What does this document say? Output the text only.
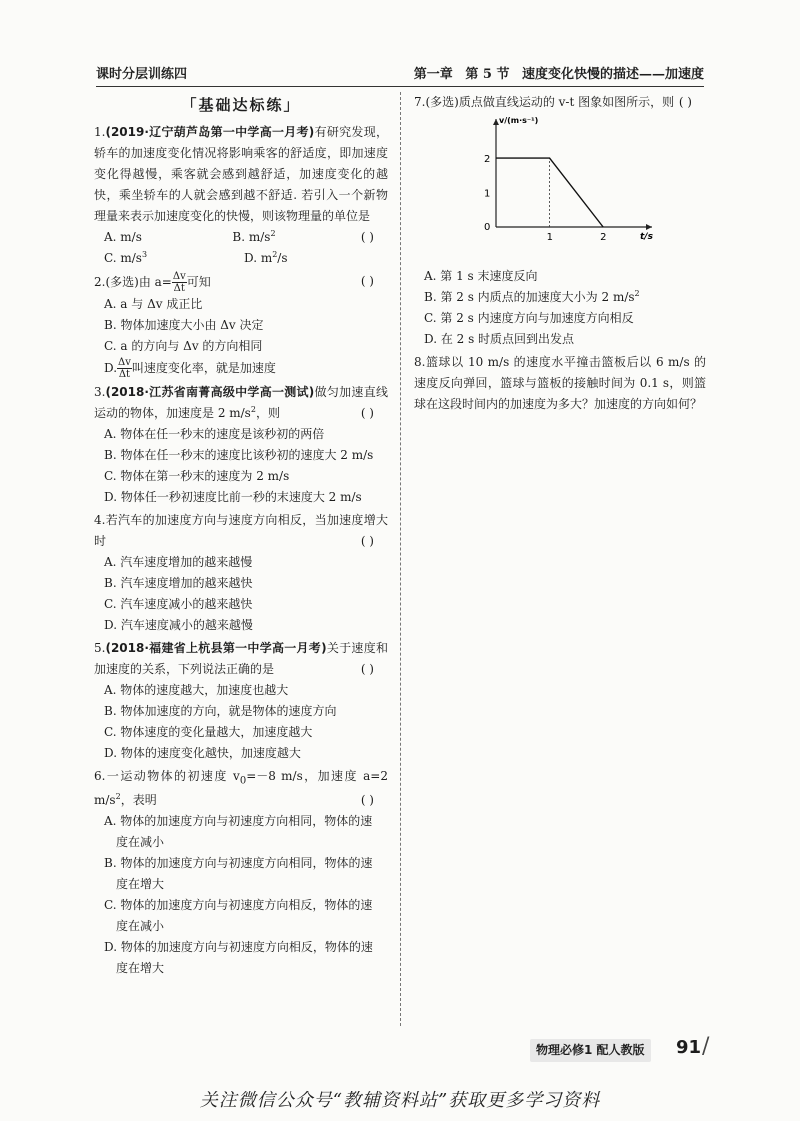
课时分层训练四	第一章 第 5 节 速度变化快慢的描述——加速度
「基础达标练」
1.(2019·辽宁葫芦岛第一中学高一月考)有研究发现，轿车的加速度变化情况将影响乘客的舒适度，即加速度变化得越慢，乘客就会感到越舒适，加速度变化的越快，乘坐轿车的人就会感到越不舒适. 若引入一个新物理量来表示加速度变化的快慢，则该物理量的单位是
( )
A. m/s	B. $m/s^2$
C. $m/s^3$	D. $m^2/s$
2.(多选)由 $a= \frac{\Delta v}{\Delta t}$ 可知	( )
A. a 与 Δv 成正比
B. 物体加速度大小由 Δv 决定
C. a 的方向与 Δv 的方向相同
D. $\frac{\Delta v}{\Delta t}$ 叫速度变化率，就是加速度
3.(2018·江苏省南菁高级中学高一测试)做匀加速直线运动的物体，加速度是 2 $m/s^2$，则	( )
A. 物体在任一秒末的速度是该秒初的两倍
B. 物体在任一秒末的速度比该秒初的速度大 2 m/s
C. 物体在第一秒末的速度为 2 m/s
D. 物体任一秒初速度比前一秒的末速度大 2 m/s
4.若汽车的加速度方向与速度方向相反，当加速度增大时	( )
A. 汽车速度增加的越来越慢
B. 汽车速度增加的越来越快
C. 汽车速度减小的越来越快
D. 汽车速度减小的越来越慢
5.(2018·福建省上杭县第一中学高一月考)关于速度和加速度的关系，下列说法正确的是	( )
A. 物体的速度越大，加速度也越大
B. 物体加速度的方向，就是物体的速度方向
C. 物体速度的变化量越大，加速度越大
D. 物体的速度变化越快，加速度越大
6.一运动物体的初速度 $v_0=-8$ m/s，加速度 a=2 $m/s^2$，表明	( )
A. 物体的加速度方向与初速度方向相同，物体的速
度在减小
B. 物体的加速度方向与初速度方向相同，物体的速
度在增大
C. 物体的加速度方向与初速度方向相反，物体的速
度在减小
D. 物体的加速度方向与初速度方向相反，物体的速
度在增大
7.(多选)质点做直线运动的 v-t 图象如图所示，则 ( )
v/(m·s⁻¹)
t/s
0
1
2
1	2
A. 第 1 s 末速度反向
B. 第 2 s 内质点的加速度大小为 2 $m/s^2$
C. 第 2 s 内速度方向与加速度方向相反
D. 在 2 s 时质点回到出发点
8.篮球以 10 m/s 的速度水平撞击篮板后以 6 m/s 的速度反向弹回，篮球与篮板的接触时间为 0.1 s，则篮球在这段时间内的加速度为多大？加速度的方向如何？
物理必修1 配人教版	91 /
关注微信公众号“教辅资料站”获取更多学习资料
